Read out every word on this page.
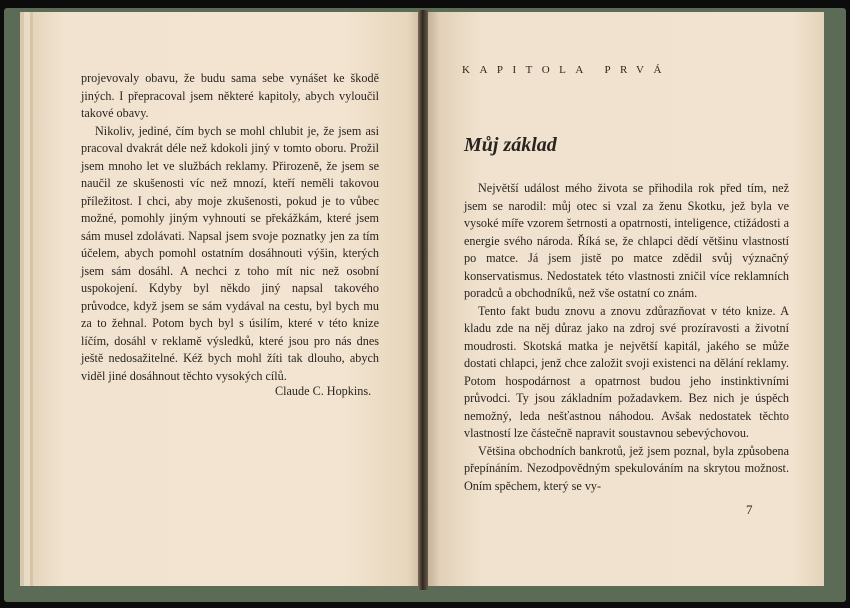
projevovaly obavu, že budu sama sebe vynášet ke škodě jiných. I přepracoval jsem některé kapitoly, abych vyloučil takové obavy.

Nikoliv, jediné, čím bych se mohl chlubit je, že jsem asi pracoval dvakrát déle než kdokoli jiný v tomto oboru. Prožil jsem mnoho let ve službách reklamy. Přirozeně, že jsem se naučil ze skušenosti víc než mnozí, kteří neměli takovou příležitost. I chci, aby moje zkušenosti, pokud je to vůbec možné, pomohly jiným vyhnouti se překážkám, které jsem sám musel zdolávati. Napsal jsem svoje poznatky jen za tím účelem, abych pomohl ostatním dosáhnouti výšin, kterých jsem sám dosáhl. A nechci z toho mít nic než osobní uspokojení. Kdyby byl někdo jiný napsal takového průvodce, když jsem se sám vydával na cestu, byl bych mu za to žehnal. Potom bych byl s úsilím, které v této knize líčím, dosáhl v reklamě výsledků, které jsou pro nás dnes ještě nedosažitelné. Kéž bych mohl žíti tak dlouho, abych viděl jiné dosáhnout těchto vysokých cílů.

Claude C. Hopkins.
KAPITOLA PRVÁ
Můj základ

Největší událost mého života se přihodila rok před tím, než jsem se narodil: můj otec si vzal za ženu Skotku, jež byla ve vysoké míře vzorem šetrnosti a opatrnosti, inteligence, ctižádosti a energie svého národa. Říká se, že chlapci dědí většinu vlastností po matce. Já jsem jistě po matce zdědil svůj význačný konservatismus. Nedostatek této vlastnosti zničil více reklamních poradců a obchodníků, než vše ostatní co znám.

Tento fakt budu znovu a znovu zdůrazňovat v této knize. A kladu zde na něj důraz jako na zdroj své prozíravosti a životní moudrosti. Skotská matka je největší kapitál, jakého se může dostati chlapci, jenž chce založit svoji existenci na dělání reklamy. Potom hospodárnost a opatrnost budou jeho instinktivními průvodci. Ty jsou základním požadavkem. Bez nich je úspěch nemožný, leda nešťastnou náhodou. Avšak nedostatek těchto vlastností lze částečně napravit soustavnou sebevýchovou.

Většina obchodních bankrotů, jež jsem poznal, byla způsobena přepínáním. Nezodpovědným spekulováním na skrytou možnost. Oním spěchem, který se vy-

7
